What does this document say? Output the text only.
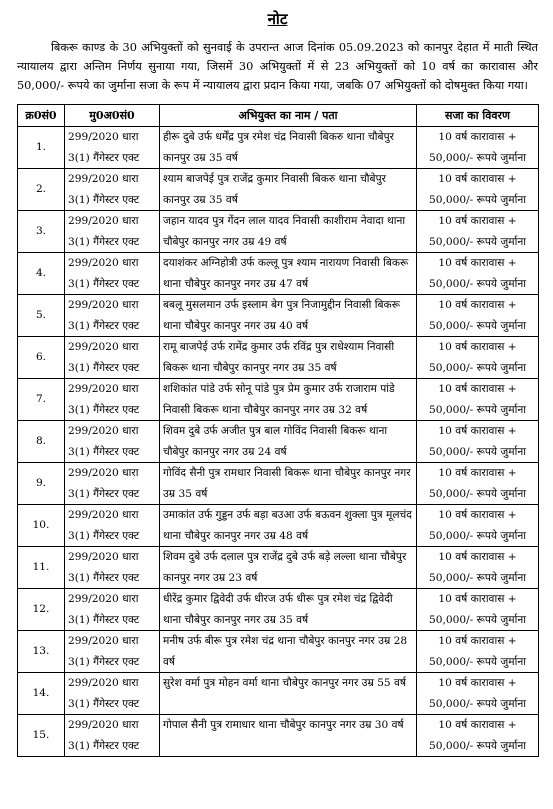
नोट

बिकरू काण्ड के 30 अभियुक्तों को सुनवाई के उपरान्त आज दिनांक 05.09.2023 को कानपुर देहात में माती स्थित न्यायालय द्वारा अन्तिम निर्णय सुनाया गया, जिसमें 30 अभियुक्तों में से 23 अभियुक्तों को 10 वर्ष का कारावास और 50,000/- रूपये का जुर्माना सजा के रूप में न्यायालय द्वारा प्रदान किया गया, जबकि 07 अभियुक्तों को दोषमुक्त किया गया।

क्र0सं0	मु0अ0सं0	अभियुक्त का नाम / पता	सजा का विवरण
1.	299/2020 धारा
3(1) गैंगेस्टर एक्ट	हीरू दुबे उर्फ धर्मेंद्र पुत्र रमेश चंद्र निवासी बिकरु थाना चौबेपुर कानपुर उम्र 35 वर्ष	10 वर्ष कारावास +
50,000/- रूपये जुर्माना
2.	299/2020 धारा
3(1) गैंगेस्टर एक्ट	श्याम बाजपेई पुत्र राजेंद्र कुमार निवासी बिकरु थाना चौबेपुर कानपुर उम्र 35 वर्ष	10 वर्ष कारावास +
50,000/- रूपये जुर्माना
3.	299/2020 धारा
3(1) गैंगेस्टर एक्ट	जहान यादव पुत्र गेंदन लाल यादव निवासी काशीराम नेवादा थाना चौबेपुर कानपुर नगर उम्र 49 वर्ष	10 वर्ष कारावास +
50,000/- रूपये जुर्माना
4.	299/2020 धारा
3(1) गैंगेस्टर एक्ट	दयाशंकर अग्निहोत्री उर्फ कल्लू पुत्र श्याम नारायण निवासी बिकरू थाना चौबेपुर कानपुर नगर उम्र 47 वर्ष	10 वर्ष कारावास +
50,000/- रूपये जुर्माना
5.	299/2020 धारा
3(1) गैंगेस्टर एक्ट	बबलू मुसलमान उर्फ इस्लाम बेग पुत्र निजामुद्दीन निवासी बिकरू थाना चौबेपुर कानपुर नगर उम्र 40 वर्ष	10 वर्ष कारावास +
50,000/- रूपये जुर्माना
6.	299/2020 धारा
3(1) गैंगेस्टर एक्ट	रामू बाजपेई उर्फ रामेंद्र कुमार उर्फ रविंद्र पुत्र राधेश्याम निवासी बिकरू थाना चौबेपुर कानपुर नगर उम्र 35 वर्ष	10 वर्ष कारावास +
50,000/- रूपये जुर्माना
7.	299/2020 धारा
3(1) गैंगेस्टर एक्ट	शशिकांत पांडे उर्फ सोनू पांडे पुत्र प्रेम कुमार उर्फ राजाराम पांडे निवासी बिकरू थाना चौबेपुर कानपुर नगर उम्र 32 वर्ष	10 वर्ष कारावास +
50,000/- रूपये जुर्माना
8.	299/2020 धारा
3(1) गैंगेस्टर एक्ट	शिवम दुबे उर्फ अजीत पुत्र बाल गोविंद निवासी बिकरू थाना चौबेपुर कानपुर नगर उम्र 24 वर्ष	10 वर्ष कारावास +
50,000/- रूपये जुर्माना
9.	299/2020 धारा
3(1) गैंगेस्टर एक्ट	गोविंद सैनी पुत्र रामधार निवासी बिकरू थाना चौबेपुर कानपुर नगर उम्र 35 वर्ष	10 वर्ष कारावास +
50,000/- रूपये जुर्माना
10.	299/2020 धारा
3(1) गैंगेस्टर एक्ट	उमाकांत उर्फ गुड्डन उर्फ बड़ा बउआ उर्फ बऊवन शुक्ला पुत्र मूलचंद थाना चौबेपुर कानपुर नगर उम्र 48 वर्ष	10 वर्ष कारावास +
50,000/- रूपये जुर्माना
11.	299/2020 धारा
3(1) गैंगेस्टर एक्ट	शिवम दुबे उर्फ दलाल पुत्र राजेंद्र दुबे उर्फ बड़े लल्ला थाना चौबेपुर कानपुर नगर उम्र 23 वर्ष	10 वर्ष कारावास +
50,000/- रूपये जुर्माना
12.	299/2020 धारा
3(1) गैंगेस्टर एक्ट	धीरेंद्र कुमार द्विवेदी उर्फ धीरज उर्फ धीरू पुत्र रमेश चंद्र द्विवेदी थाना चौबेपुर कानपुर नगर उम्र 35 वर्ष	10 वर्ष कारावास +
50,000/- रूपये जुर्माना
13.	299/2020 धारा
3(1) गैंगेस्टर एक्ट	मनीष उर्फ बीरू पुत्र रमेश चंद्र थाना चौबेपुर कानपुर नगर उम्र 28 वर्ष	10 वर्ष कारावास +
50,000/- रूपये जुर्माना
14.	299/2020 धारा
3(1) गैंगेस्टर एक्ट	सुरेश वर्मा पुत्र मोहन वर्मा थाना चौबेपुर कानपुर नगर उम्र 55 वर्ष	10 वर्ष कारावास +
50,000/- रूपये जुर्माना
15.	299/2020 धारा
3(1) गैंगेस्टर एक्ट	गोपाल सैनी पुत्र रामाधार थाना चौबेपुर कानपुर नगर उम्र 30 वर्ष	10 वर्ष कारावास +
50,000/- रूपये जुर्माना
